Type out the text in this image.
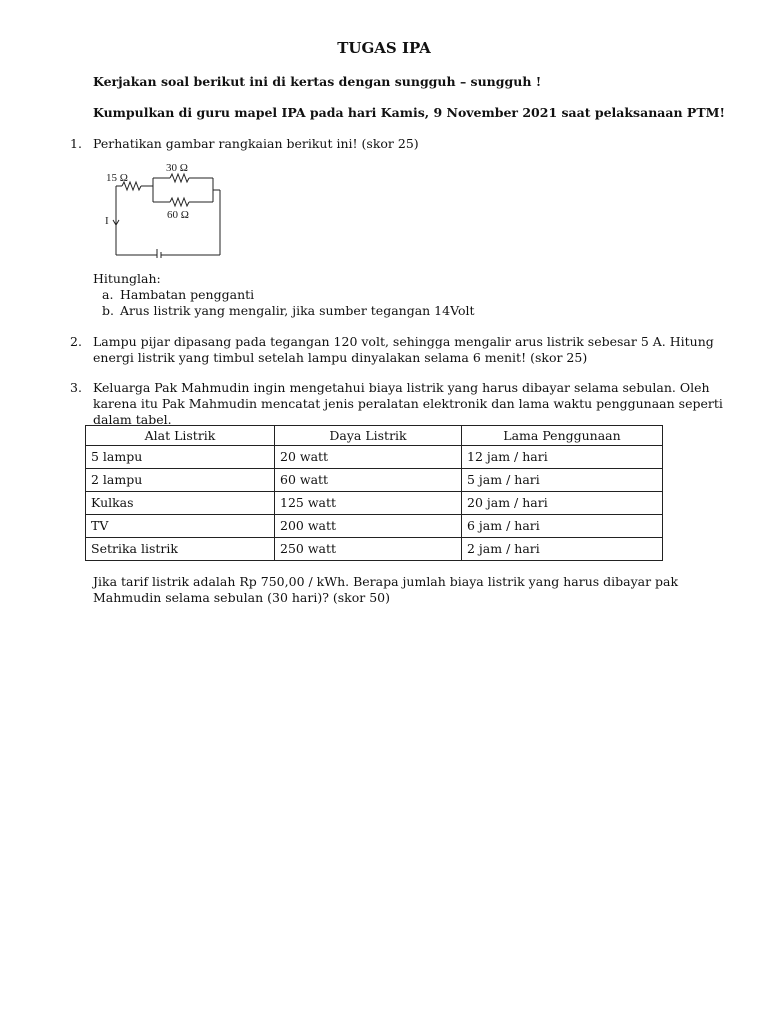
TUGAS IPA
Kerjakan soal berikut ini di kertas dengan sungguh – sungguh !
Kumpulkan di guru mapel IPA pada hari Kamis, 9 November 2021 saat pelaksanaan PTM!
1. Perhatikan gambar rangkaian berikut ini! (skor 25)
15 Ω
30 Ω
60 Ω
I
Hitunglah:
a. Hambatan pengganti
b. Arus listrik yang mengalir, jika sumber tegangan 14Volt
2. Lampu pijar dipasang pada tegangan 120 volt, sehingga mengalir arus listrik sebesar 5 A. Hitung energi listrik yang timbul setelah lampu dinyalakan selama 6 menit! (skor 25)
3. Keluarga Pak Mahmudin ingin mengetahui biaya listrik yang harus dibayar selama sebulan. Oleh karena itu Pak Mahmudin mencatat jenis peralatan elektronik dan lama waktu penggunaan seperti dalam tabel.
Alat Listrik	Daya Listrik	Lama Penggunaan
5 lampu	20 watt	12 jam / hari
2 lampu	60 watt	5 jam / hari
Kulkas	125 watt	20 jam / hari
TV	200 watt	6 jam / hari
Setrika listrik	250 watt	2 jam / hari
Jika tarif listrik adalah Rp 750,00 / kWh. Berapa jumlah biaya listrik yang harus dibayar pak Mahmudin selama sebulan (30 hari)? (skor 50)
